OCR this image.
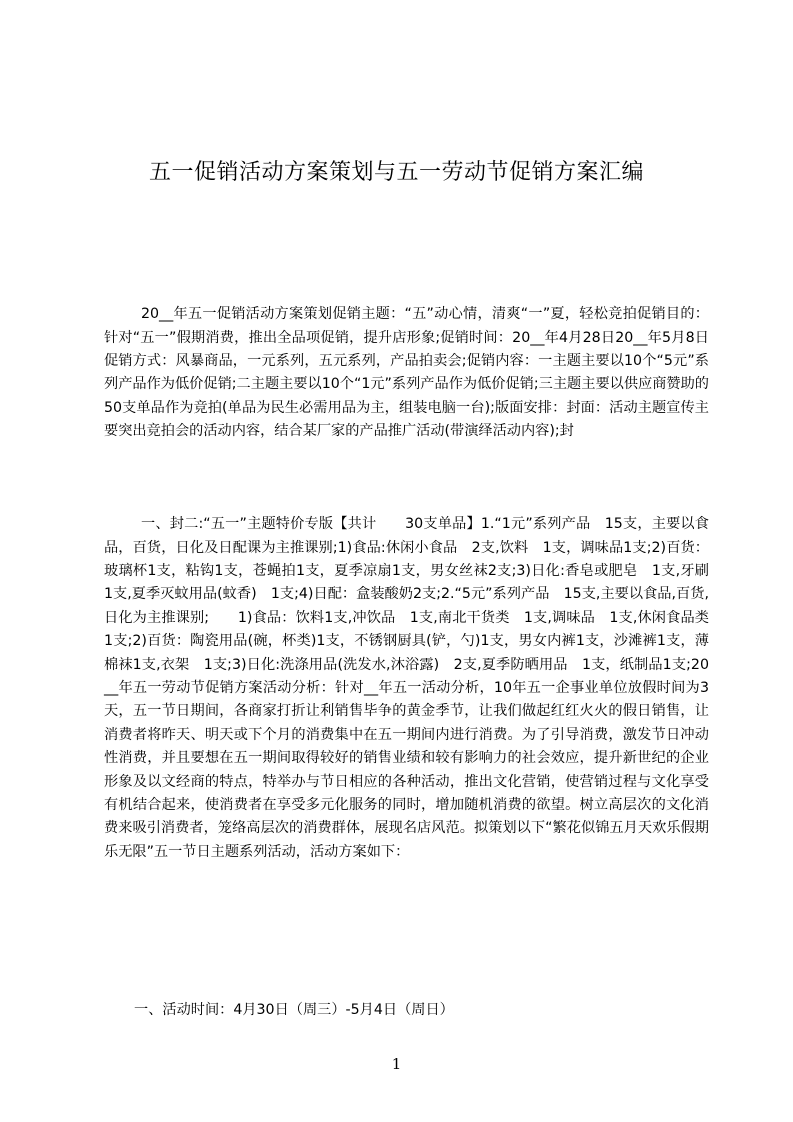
五一促销活动方案策划与五一劳动节促销方案汇编

20__年五一促销活动方案策划促销主题：“五”动心情，清爽“一”夏，轻松竞拍促销目的：针对“五一”假期消费，推出全品项促销，提升店形象;促销时间：20__年4月28日20__年5月8日促销方式：风暴商品，一元系列，五元系列，产品拍卖会;促销内容：一主题主要以10个“5元”系列产品作为低价促销;二主题主要以10个“1元”系列产品作为低价促销;三主题主要以供应商赞助的50支单品作为竞拍(单品为民生必需用品为主，组装电脑一台);版面安排：封面：活动主题宣传主要突出竞拍会的活动内容，结合某厂家的产品推广活动(带演绎活动内容);封

一、封二:“五一”主题特价专版【共计　　30支单品】1.“1元”系列产品　15支，主要以食品，百货，日化及日配课为主推课别;1)食品:休闲小食品　2支,饮料　1支，调味品1支;2)百货：玻璃杯1支，粘钩1支，苍蝇拍1支，夏季凉扇1支，男女丝袜2支;3)日化:香皂或肥皂　1支,牙刷　1支,夏季灭蚊用品(蚊香)　1支;4)日配：盒装酸奶2支;2.“5元”系列产品　15支,主要以食品,百货,日化为主推课别;　　1)食品：饮料1支,冲饮品　1支,南北干货类　1支,调味品　1支,休闲食品类　1支;2)百货：陶瓷用品(碗，杯类)1支，不锈钢厨具(铲，勺)1支，男女内裤1支，沙滩裤1支，薄棉袜1支,衣架　1支;3)日化:洗涤用品(洗发水,沐浴露)　2支,夏季防晒用品　1支，纸制品1支;20__年五一劳动节促销方案活动分析：针对__年五一活动分析，10年五一企事业单位放假时间为3天，五一节日期间，各商家打折让利销售毕争的黄金季节，让我们做起红红火火的假日销售，让消费者将昨天、明天或下个月的消费集中在五一期间内进行消费。为了引导消费，激发节日冲动性消费，并且要想在五一期间取得较好的销售业绩和较有影响力的社会效应，提升新世纪的企业形象及以文经商的特点，特举办与节日相应的各种活动，推出文化营销，使营销过程与文化享受有机结合起来，使消费者在享受多元化服务的同时，增加随机消费的欲望。树立高层次的文化消费来吸引消费者，笼络高层次的消费群体，展现名店风范。拟策划以下“繁花似锦五月天欢乐假期乐无限”五一节日主题系列活动，活动方案如下：

一、活动时间：4月30日（周三）-5月4日（周日）

1
